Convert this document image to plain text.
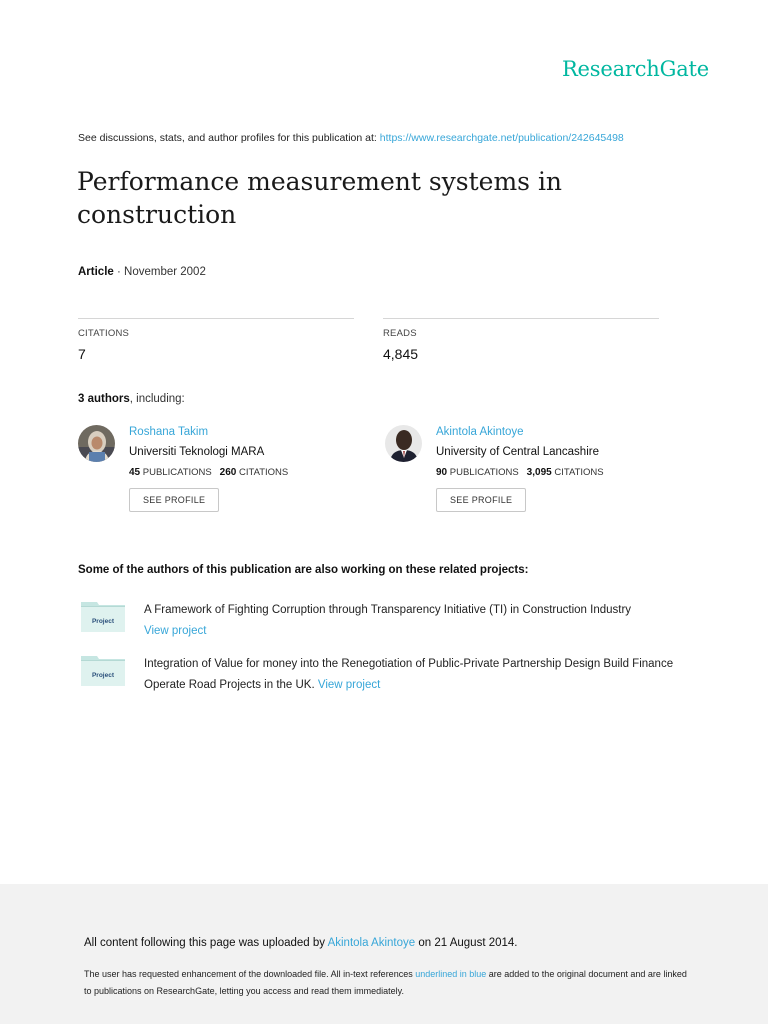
ResearchGate
See discussions, stats, and author profiles for this publication at: https://www.researchgate.net/publication/242645498
Performance measurement systems in construction
Article · November 2002
CITATIONS
7
READS
4,845
3 authors, including:
Roshana Takim
Universiti Teknologi MARA
45 PUBLICATIONS 260 CITATIONS
SEE PROFILE
Akintola Akintoye
University of Central Lancashire
90 PUBLICATIONS 3,095 CITATIONS
SEE PROFILE
Some of the authors of this publication are also working on these related projects:
Project
A Framework of Fighting Corruption through Transparency Initiative (TI) in Construction Industry
View project
Project
Integration of Value for money into the Renegotiation of Public-Private Partnership Design Build Finance Operate Road Projects in the UK. View project
All content following this page was uploaded by Akintola Akintoye on 21 August 2014.
The user has requested enhancement of the downloaded file. All in-text references underlined in blue are added to the original document and are linked to publications on ResearchGate, letting you access and read them immediately.
